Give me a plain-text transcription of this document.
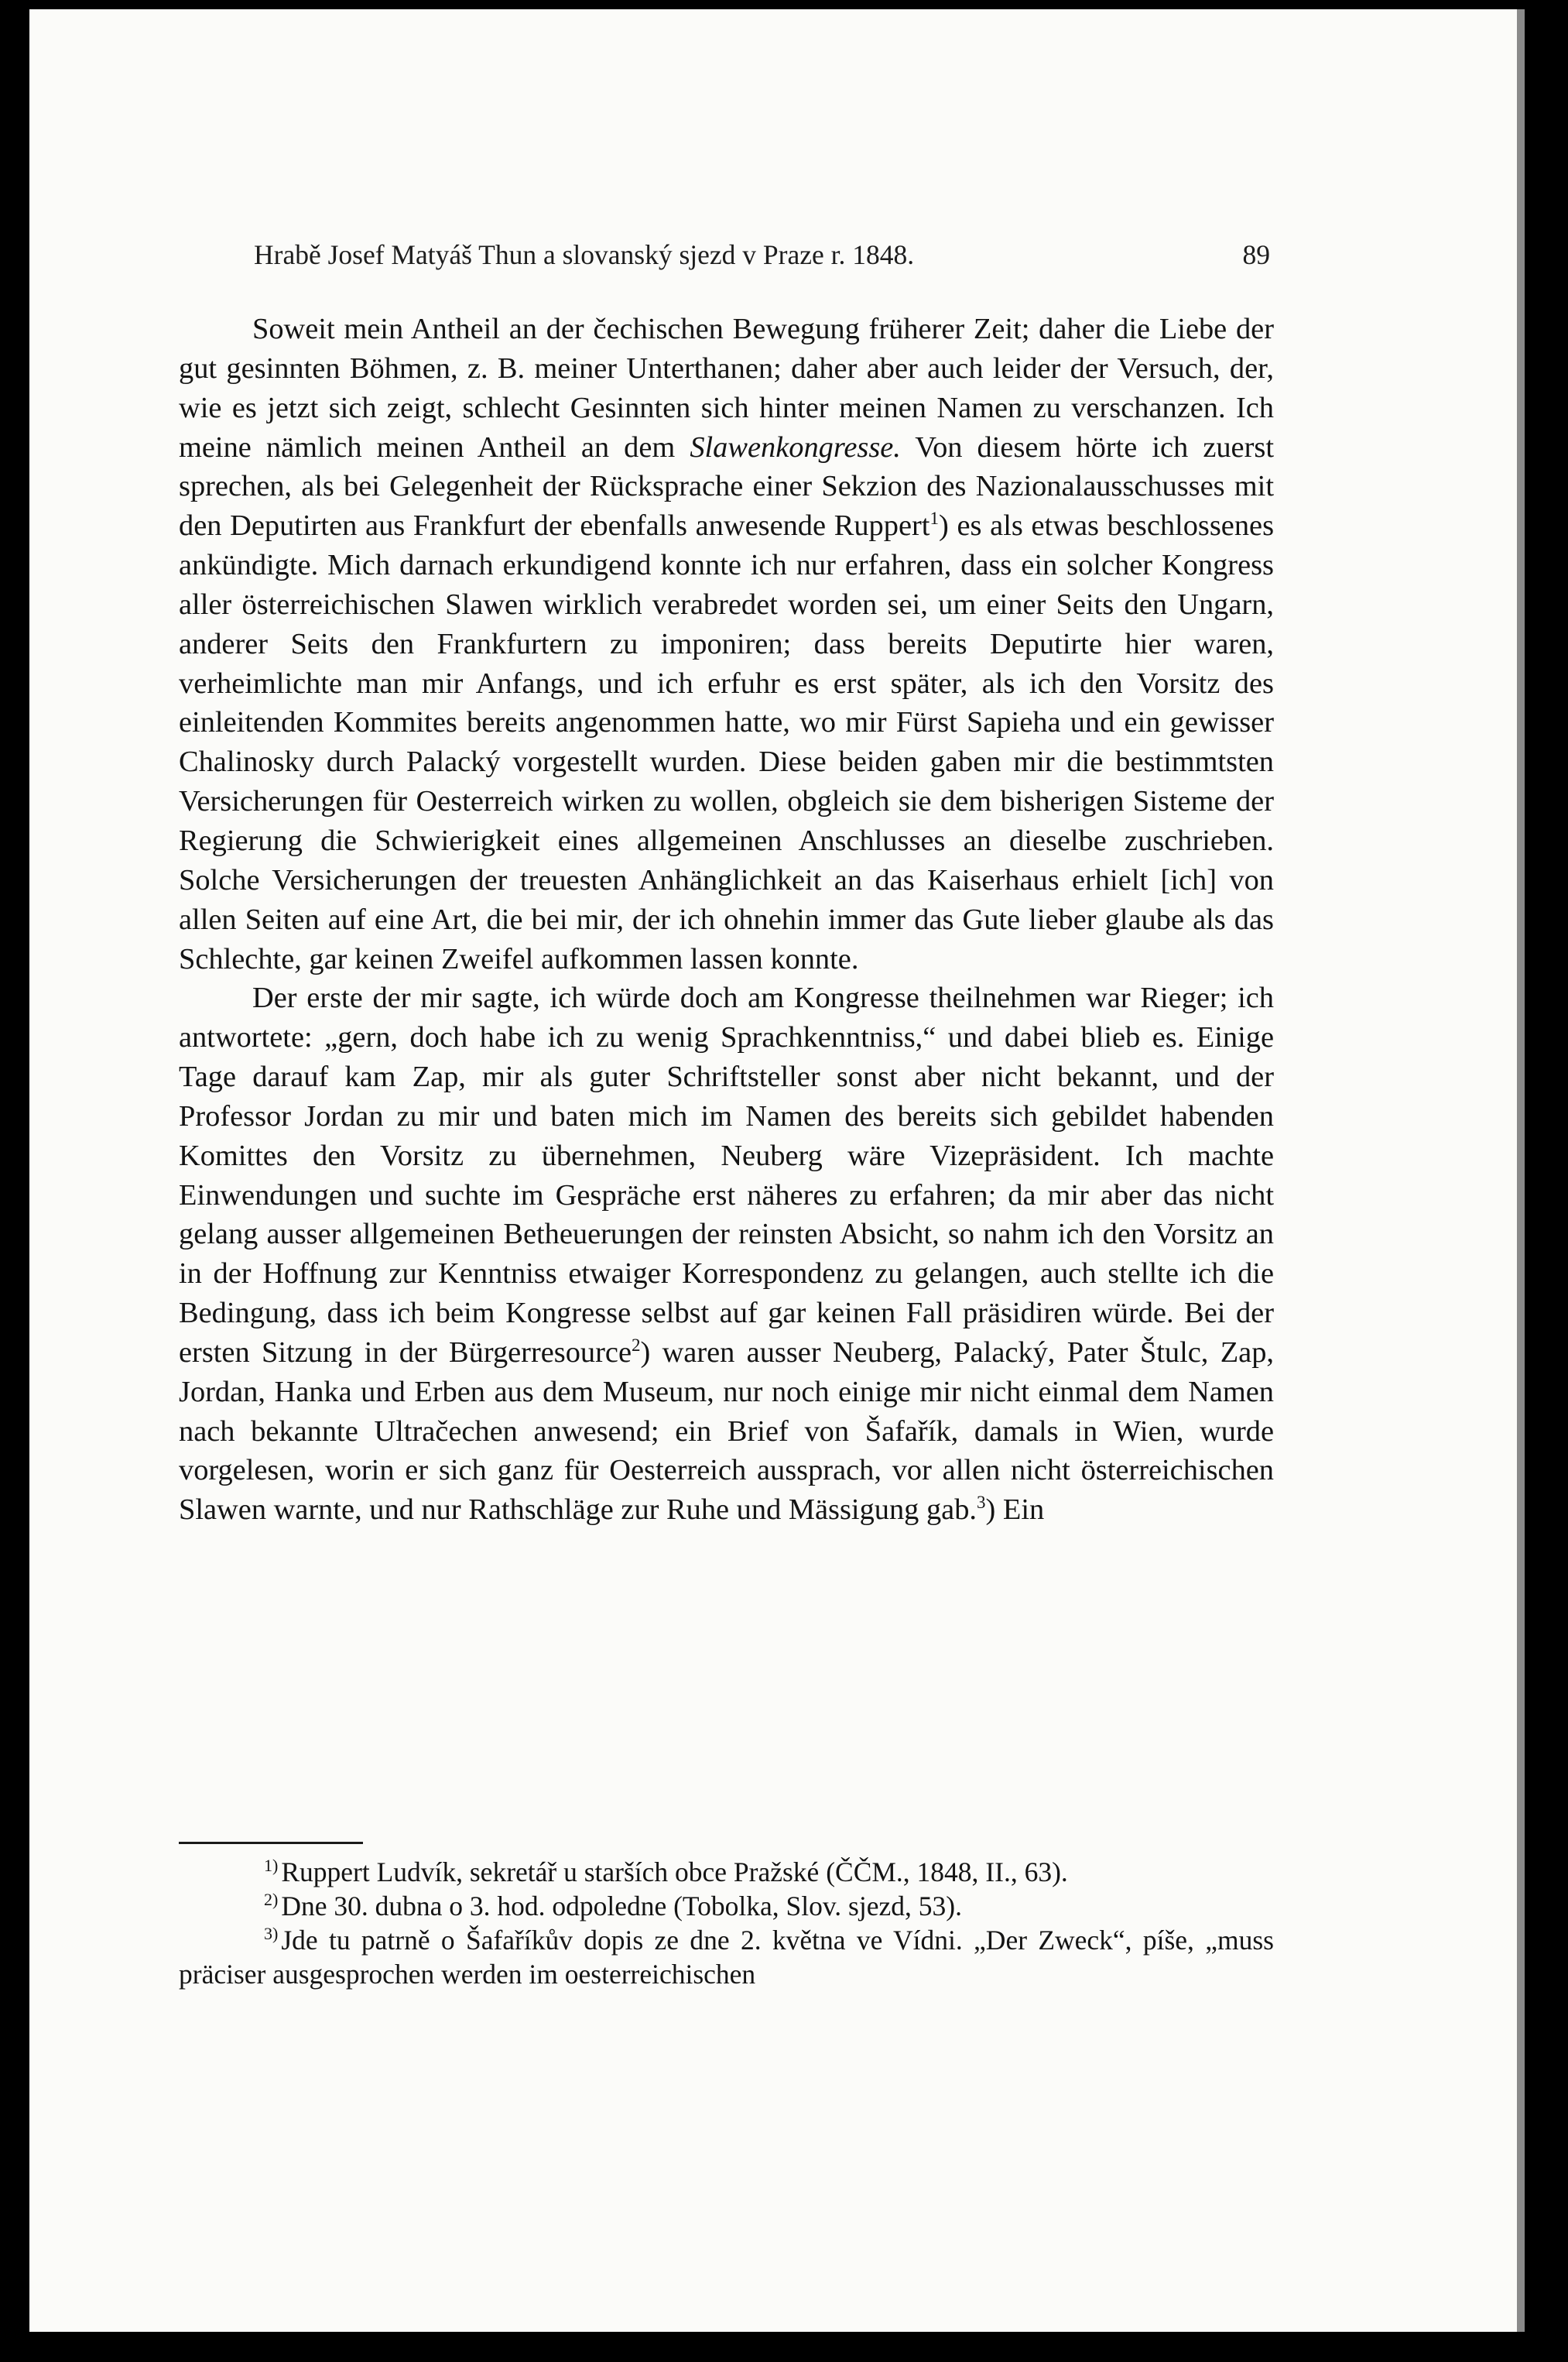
Hrabě Josef Matyáš Thun a slovanský sjezd v Praze r. 1848.	89

Soweit mein Antheil an der čechischen Bewegung früherer Zeit; daher die Liebe der gut gesinnten Böhmen, z. B. meiner Unterthanen; daher aber auch leider der Versuch, der, wie es jetzt sich zeigt, schlecht Gesinnten sich hinter meinen Namen zu verschanzen. Ich meine nämlich meinen Antheil an dem Slawenkongresse. Von diesem hörte ich zuerst sprechen, als bei Gelegenheit der Rücksprache einer Sekzion des Nazionalausschusses mit den Deputirten aus Frankfurt der ebenfalls anwesende Ruppert$^1$) es als etwas beschlossenes ankündigte. Mich darnach erkundigend konnte ich nur erfahren, dass ein solcher Kongress aller österreichischen Slawen wirklich verabredet worden sei, um einer Seits den Ungarn, anderer Seits den Frankfurtern zu imponiren; dass bereits Deputirte hier waren, verheimlichte man mir Anfangs, und ich erfuhr es erst später, als ich den Vorsitz des einleitenden Kommites bereits angenommen hatte, wo mir Fürst Sapieha und ein gewisser Chalinosky durch Palacký vorgestellt wurden. Diese beiden gaben mir die bestimmtsten Versicherungen für Oesterreich wirken zu wollen, obgleich sie dem bisherigen Sisteme der Regierung die Schwierigkeit eines allgemeinen Anschlusses an dieselbe zuschrieben. Solche Versicherungen der treuesten Anhänglichkeit an das Kaiserhaus erhielt [ich] von allen Seiten auf eine Art, die bei mir, der ich ohnehin immer das Gute lieber glaube als das Schlechte, gar keinen Zweifel aufkommen lassen konnte.

Der erste der mir sagte, ich würde doch am Kongresse theilnehmen war Rieger; ich antwortete: „gern, doch habe ich zu wenig Sprachkenntniss,“ und dabei blieb es. Einige Tage darauf kam Zap, mir als guter Schriftsteller sonst aber nicht bekannt, und der Professor Jordan zu mir und baten mich im Namen des bereits sich gebildet habenden Komittes den Vorsitz zu übernehmen, Neuberg wäre Vizepräsident. Ich machte Einwendungen und suchte im Gespräche erst näheres zu erfahren; da mir aber das nicht gelang ausser allgemeinen Betheuerungen der reinsten Absicht, so nahm ich den Vorsitz an in der Hoffnung zur Kenntniss etwaiger Korrespondenz zu gelangen, auch stellte ich die Bedingung, dass ich beim Kongresse selbst auf gar keinen Fall präsidiren würde. Bei der ersten Sitzung in der Bürgerresource$^2$) waren ausser Neuberg, Palacký, Pater Štulc, Zap, Jordan, Hanka und Erben aus dem Museum, nur noch einige mir nicht einmal dem Namen nach bekannte Ultračechen anwesend; ein Brief von Šafařík, damals in Wien, wurde vorgelesen, worin er sich ganz für Oesterreich aussprach, vor allen nicht österreichischen Slawen warnte, und nur Rathschläge zur Ruhe und Mässigung gab.$^3$) Ein

$^{1)}$ Ruppert Ludvík, sekretář u starších obce Pražské (ČČM., 1848, II., 63).

$^{2)}$ Dne 30. dubna o 3. hod. odpoledne (Tobolka, Slov. sjezd, 53).

$^{3)}$ Jde tu patrně o Šafaříkův dopis ze dne 2. května ve Vídni. „Der Zweck“, píše, „muss präciser ausgesprochen werden im oesterreichischen
